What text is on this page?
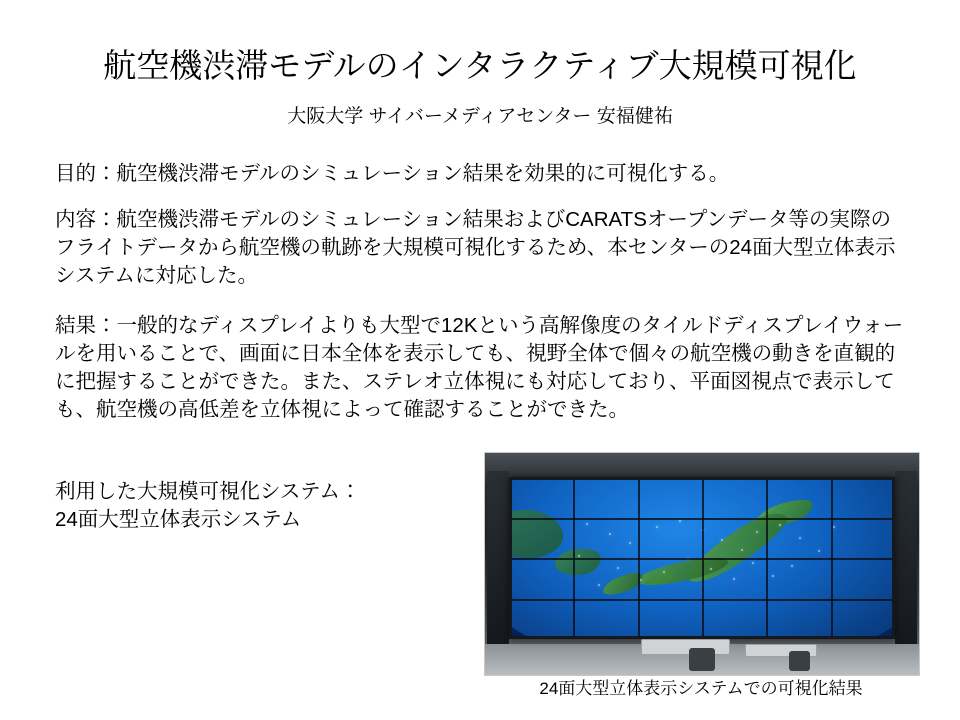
航空機渋滞モデルのインタラクティブ大規模可視化
大阪大学 サイバーメディアセンター 安福健祐

目的：航空機渋滞モデルのシミュレーション結果を効果的に可視化する。

内容：航空機渋滞モデルのシミュレーション結果およびCARATSオープンデータ等の実際のフライトデータから航空機の軌跡を大規模可視化するため、本センターの24面大型立体表示システムに対応した。

結果：一般的なディスプレイよりも大型で12Kという高解像度のタイルドディスプレイウォールを用いることで、画面に日本全体を表示しても、視野全体で個々の航空機の動きを直観的に把握することができた。また、ステレオ立体視にも対応しており、平面図視点で表示しても、航空機の高低差を立体視によって確認することができた。

利用した大規模可視化システム：

24面大型立体表示システム

24面大型立体表示システムでの可視化結果
